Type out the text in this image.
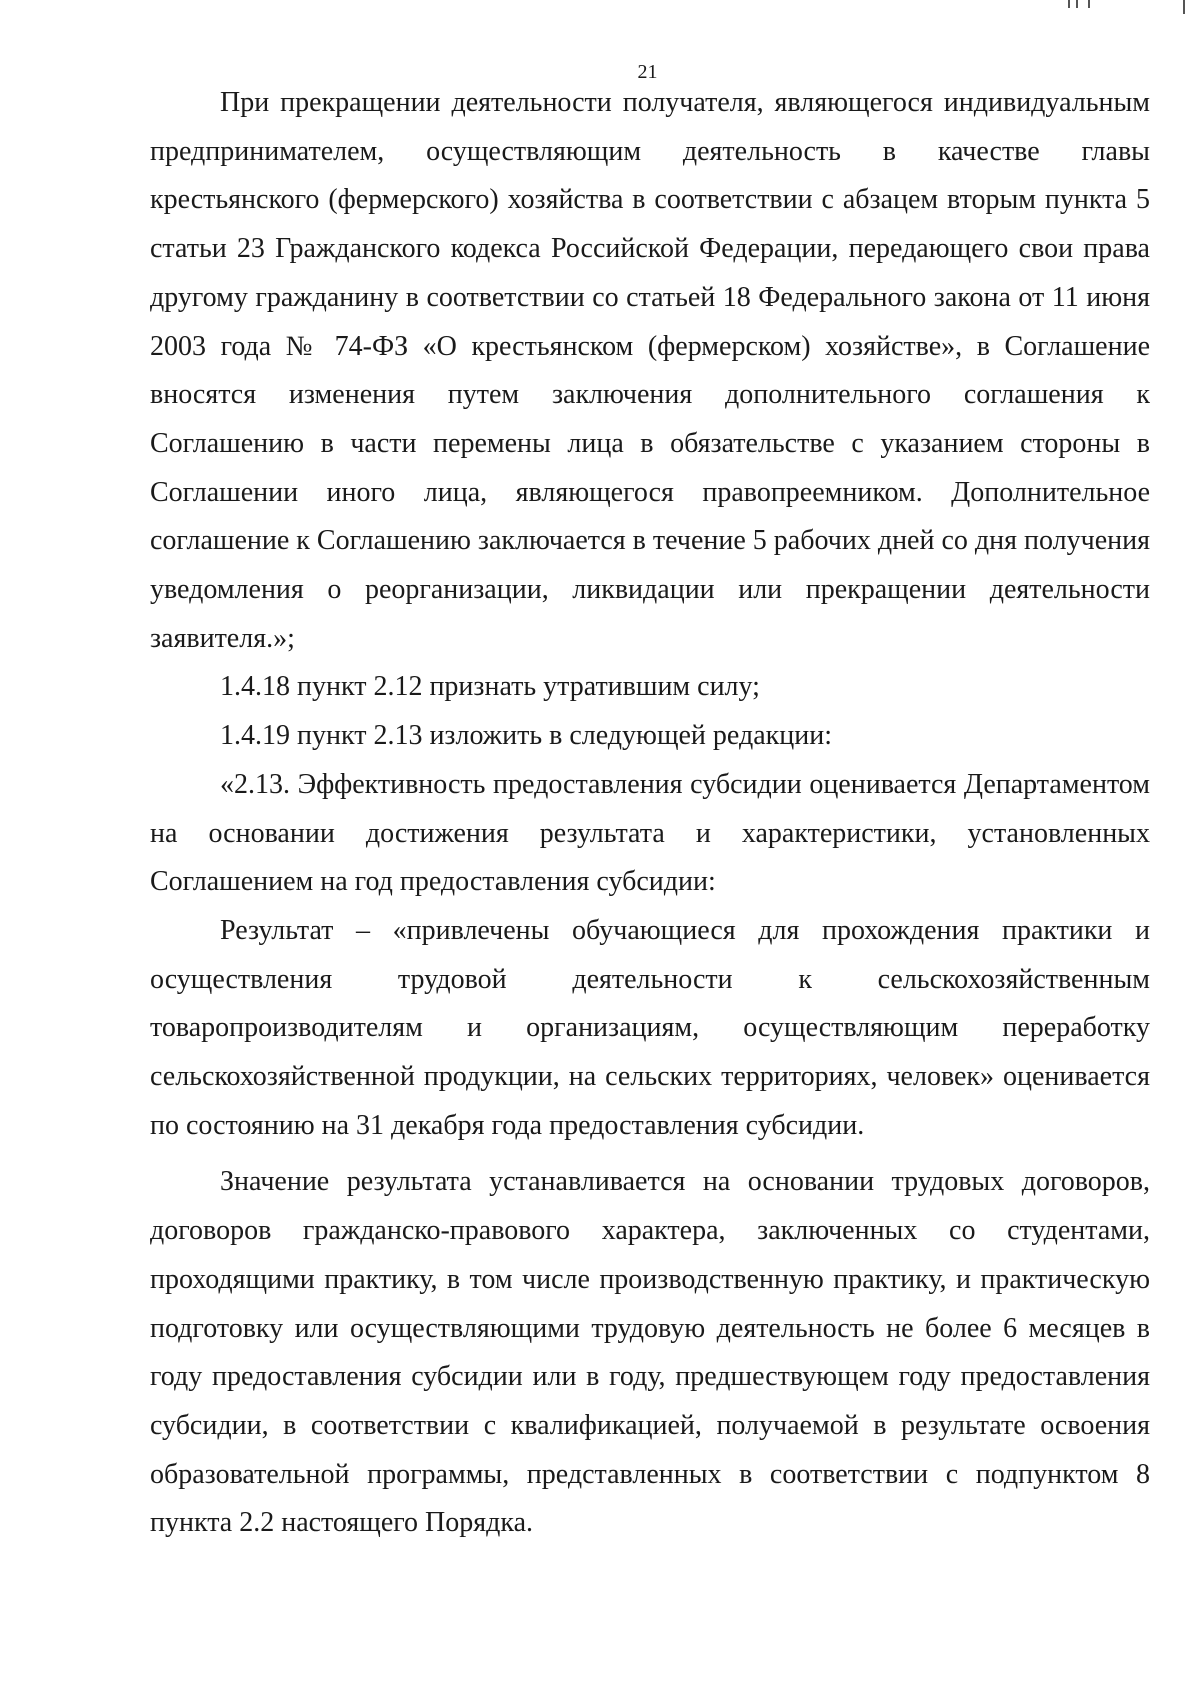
21

При прекращении деятельности получателя, являющегося индивидуальным предпринимателем, осуществляющим деятельность в качестве главы крестьянского (фермерского) хозяйства в соответствии с абзацем вторым пункта 5 статьи 23 Гражданского кодекса Российской Федерации, передающего свои права другому гражданину в соответствии со статьей 18 Федерального закона от 11 июня 2003 года № 74-ФЗ «О крестьянском (фермерском) хозяйстве», в Соглашение вносятся изменения путем заключения дополнительного соглашения к Соглашению в части перемены лица в обязательстве с указанием стороны в Соглашении иного лица, являющегося правопреемником. Дополнительное соглашение к Соглашению заключается в течение 5 рабочих дней со дня получения уведомления о реорганизации, ликвидации или прекращении деятельности заявителя.»;

1.4.18 пункт 2.12 признать утратившим силу;

1.4.19 пункт 2.13 изложить в следующей редакции:

«2.13. Эффективность предоставления субсидии оценивается Департаментом на основании достижения результата и характеристики, установленных Соглашением на год предоставления субсидии:

Результат – «привлечены обучающиеся для прохождения практики и осуществления трудовой деятельности к сельскохозяйственным товаропроизводителям и организациям, осуществляющим переработку сельскохозяйственной продукции, на сельских территориях, человек» оценивается по состоянию на 31 декабря года предоставления субсидии.

Значение результата устанавливается на основании трудовых договоров, договоров гражданско-правового характера, заключенных со студентами, проходящими практику, в том числе производственную практику, и практическую подготовку или осуществляющими трудовую деятельность не более 6 месяцев в году предоставления субсидии или в году, предшествующем году предоставления субсидии, в соответствии с квалификацией, получаемой в результате освоения образовательной программы, представленных в соответствии с подпунктом 8 пункта 2.2 настоящего Порядка.
